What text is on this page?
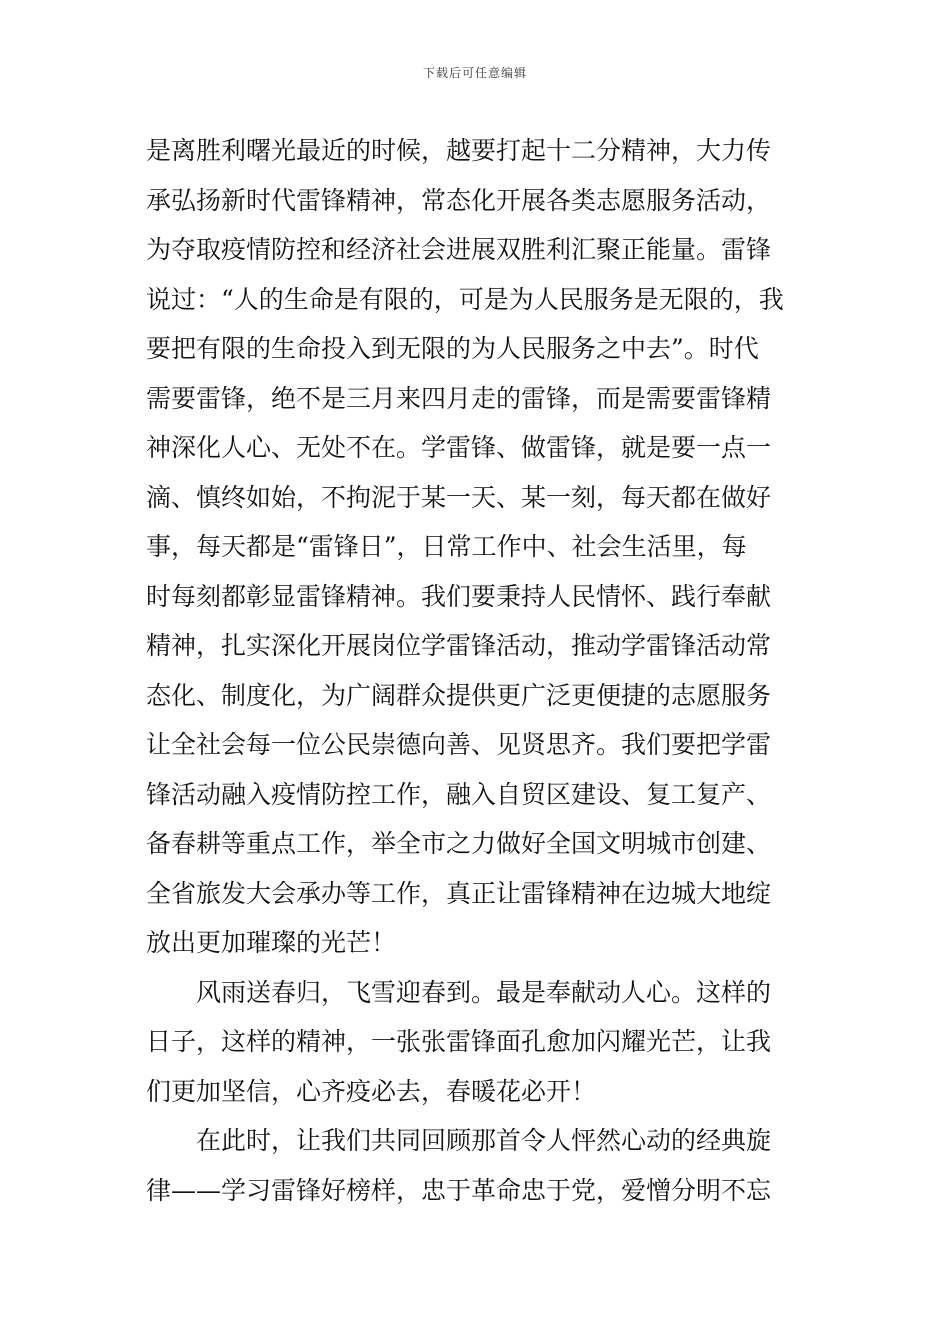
下载后可任意编辑
是离胜利曙光最近的时候，越要打起十二分精神，大力传
承弘扬新时代雷锋精神，常态化开展各类志愿服务活动，
为夺取疫情防控和经济社会进展双胜利汇聚正能量。雷锋
说过：“人的生命是有限的，可是为人民服务是无限的，我
要把有限的生命投入到无限的为人民服务之中去”。时代
需要雷锋，绝不是三月来四月走的雷锋，而是需要雷锋精
神深化人心、无处不在。学雷锋、做雷锋，就是要一点一
滴、慎终如始，不拘泥于某一天、某一刻，每天都在做好
事，每天都是“雷锋日”，日常工作中、社会生活里，每
时每刻都彰显雷锋精神。我们要秉持人民情怀、践行奉献
精神，扎实深化开展岗位学雷锋活动，推动学雷锋活动常
态化、制度化，为广阔群众提供更广泛更便捷的志愿服务
让全社会每一位公民崇德向善、见贤思齐。我们要把学雷
锋活动融入疫情防控工作，融入自贸区建设、复工复产、
备春耕等重点工作，举全市之力做好全国文明城市创建、
全省旅发大会承办等工作，真正让雷锋精神在边城大地绽
放出更加璀璨的光芒！
　　风雨送春归，飞雪迎春到。最是奉献动人心。这样的
日子，这样的精神，一张张雷锋面孔愈加闪耀光芒，让我
们更加坚信，心齐疫必去，春暖花必开！
　　在此时，让我们共同回顾那首令人怦然心动的经典旋
律——学习雷锋好榜样，忠于革命忠于党，爱憎分明不忘
